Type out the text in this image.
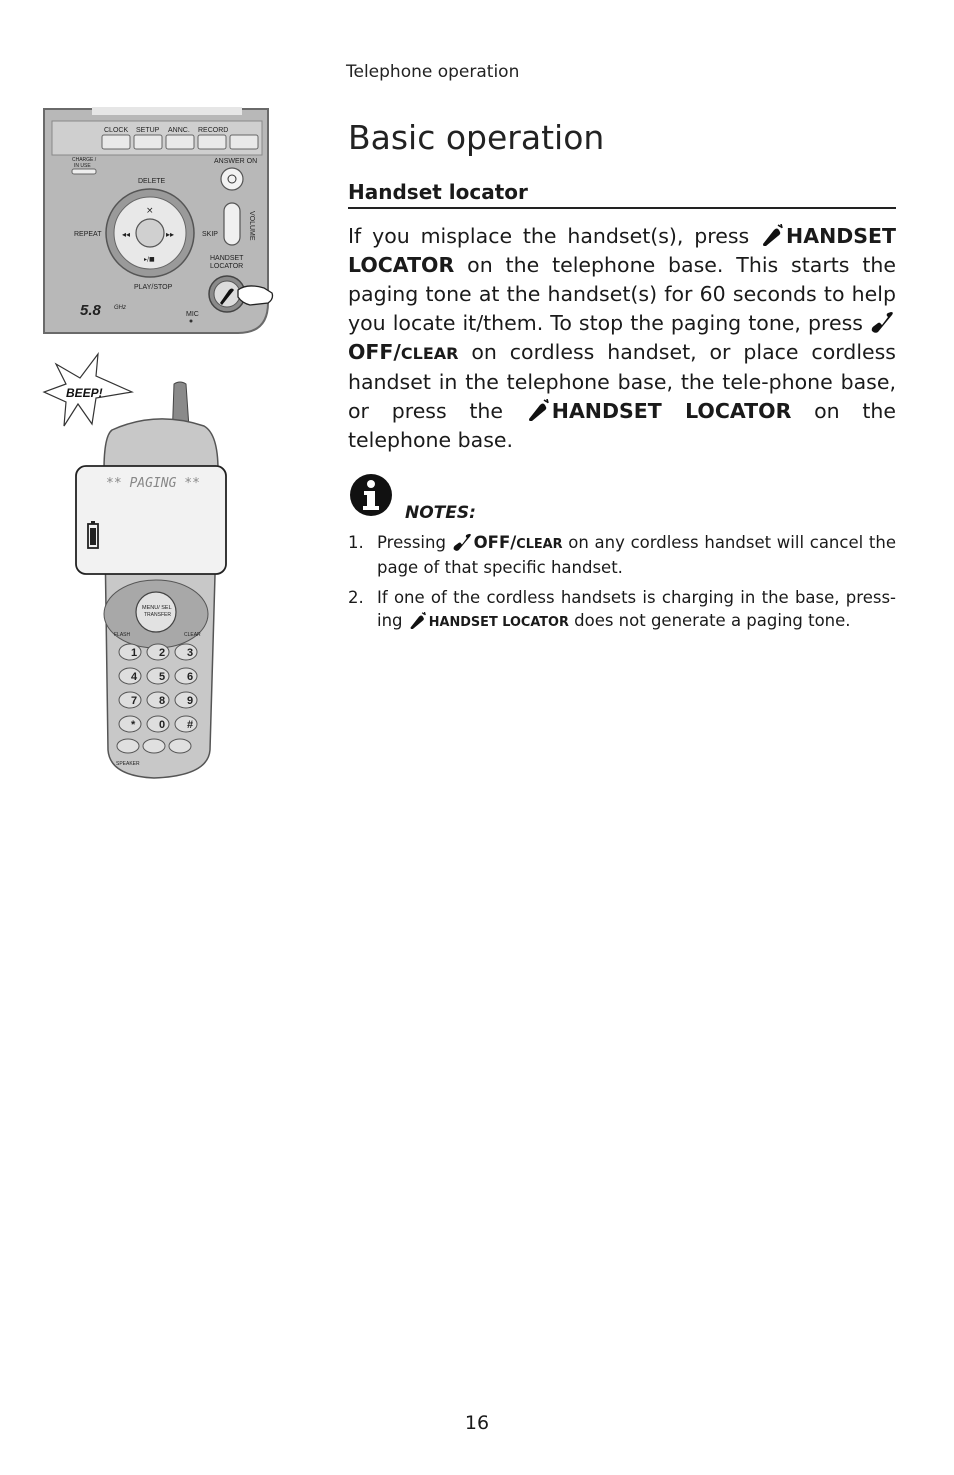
Telephone operation
Basic operation
Handset locator

If you misplace the handset(s), press HANDSET LOCATOR on the telephone base. This starts the paging tone at the handset(s) for 60 seconds to help you locate it/them. To stop the paging tone, press OFF/CLEAR on cordless handset, or place cordless handset in the telephone base, the tele-phone base, or press the HANDSET LOCATOR on the telephone base.

NOTES:
1. Pressing OFF/CLEAR on any cordless handset will cancel the page of that specific handset.
2. If one of the cordless handsets is charging in the base, press-ing HANDSET LOCATOR does not generate a paging tone.
CLOCK SETUP ANNC. RECORD
CHARGE /
IN USE
ANSWER ON
DELETE
×
◂◂	▸▸
▸/■
REPEAT	SKIP	VOLUME
HANDSET
LOCATOR
PLAY/STOP
5.8 GHz
MIC
BEEP!
** PAGING **
MENU/ SEL
TRANSFER
FLASH	CLEAR
1 2 3
4 5 6
7 8 9
* 0 #
SPEAKER
16
